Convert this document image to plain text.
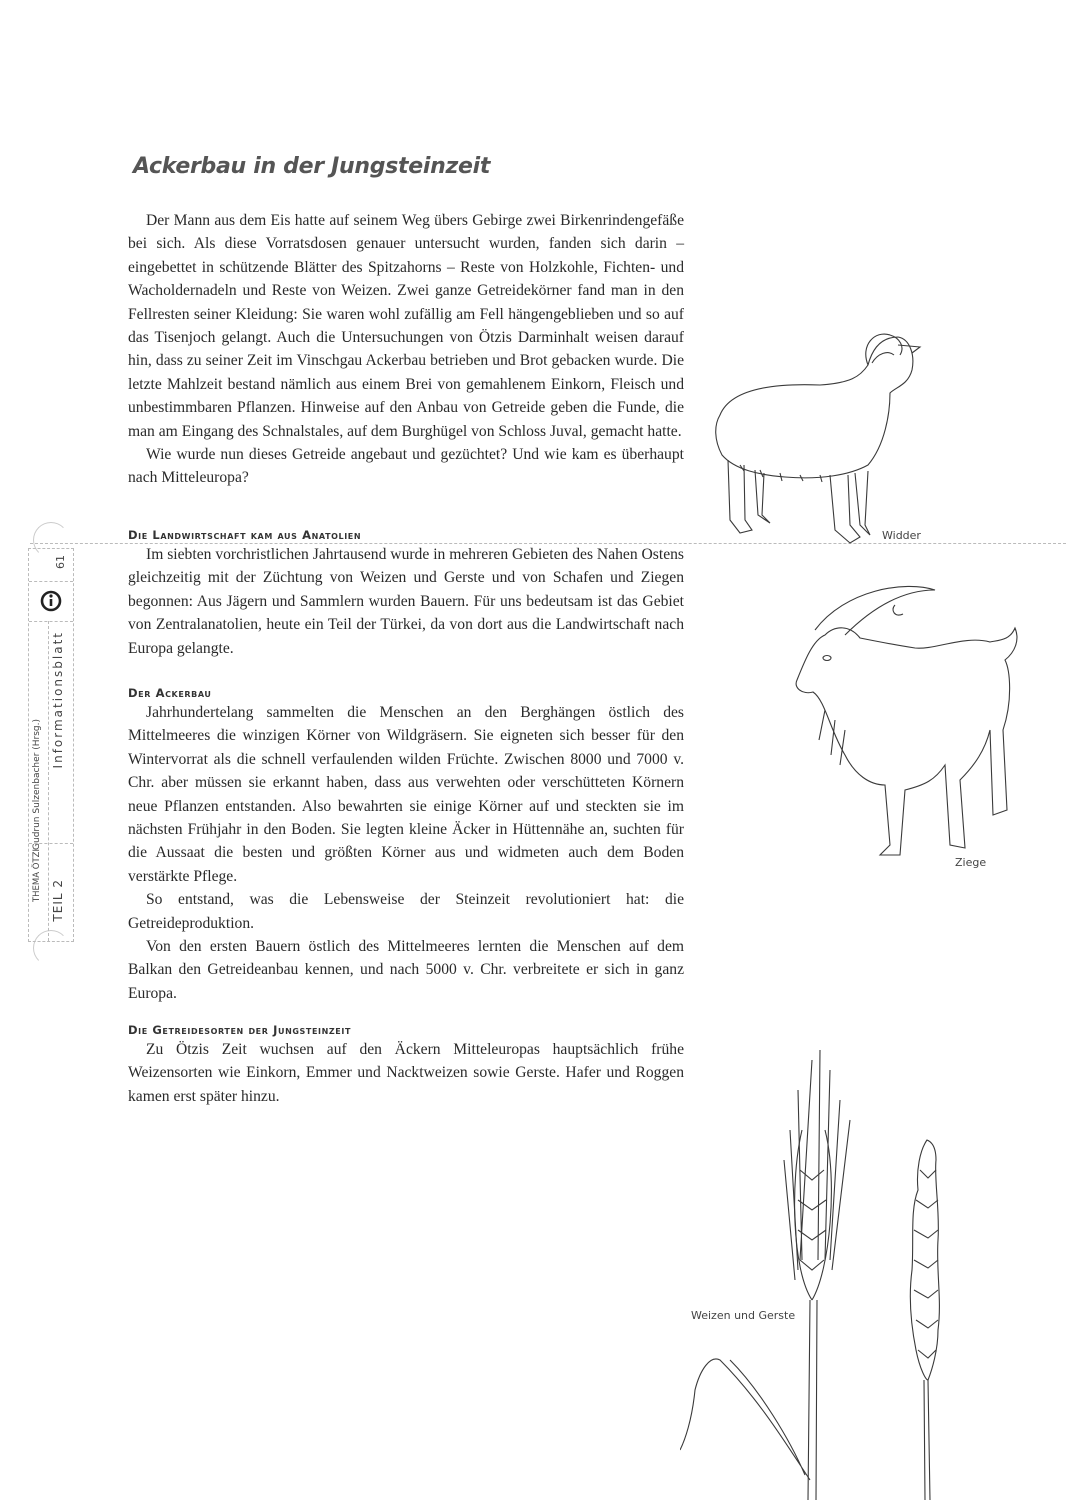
Ackerbau in der Jungsteinzeit

Der Mann aus dem Eis hatte auf seinem Weg übers Gebirge zwei Birkenrindengefäße bei sich. Als diese Vorratsdosen genauer untersucht wurden, fanden sich darin – eingebettet in schützende Blätter des Spitzahorns – Reste von Holzkohle, Fichten- und Wacholdernadeln und Reste von Weizen. Zwei ganze Getreidekörner fand man in den Fellresten seiner Kleidung: Sie waren wohl zufällig am Fell hängengeblieben und so auf das Tisenjoch gelangt. Auch die Untersuchungen von Ötzis Darminhalt weisen darauf hin, dass zu seiner Zeit im Vinschgau Ackerbau betrieben und Brot gebacken wurde. Die letzte Mahlzeit bestand nämlich aus einem Brei von gemahlenem Einkorn, Fleisch und unbestimmbaren Pflanzen. Hinweise auf den Anbau von Getreide geben die Funde, die man am Eingang des Schnalstales, auf dem Burghügel von Schloss Juval, gemacht hatte.

Wie wurde nun dieses Getreide angebaut und gezüchtet? Und wie kam es überhaupt nach Mitteleuropa?

Die Landwirtschaft kam aus Anatolien

Im siebten vorchristlichen Jahrtausend wurde in mehreren Gebieten des Nahen Ostens gleichzeitig mit der Züchtung von Weizen und Gerste und von Schafen und Ziegen begonnen: Aus Jägern und Sammlern wurden Bauern. Für uns bedeutsam ist das Gebiet von Zentralanatolien, heute ein Teil der Türkei, da von dort aus die Landwirtschaft nach Europa gelangte.

Der Ackerbau

Jahrhundertelang sammelten die Menschen an den Berghängen östlich des Mittelmeeres die winzigen Körner von Wildgräsern. Sie eigneten sich besser für den Wintervorrat als die schnell verfaulenden wilden Früchte. Zwischen 8000 und 7000 v. Chr. aber müssen sie erkannt haben, dass aus verwehten oder verschütteten Körnern neue Pflanzen entstanden. Also bewahrten sie einige Körner auf und steckten sie im nächsten Frühjahr in den Boden. Sie legten kleine Äcker in Hüttennähe an, suchten für die Aussaat die besten und größten Körner aus und widmeten auch dem Boden verstärkte Pflege.

So entstand, was die Lebensweise der Steinzeit revolutioniert hat: die Getreideproduktion.

Von den ersten Bauern östlich des Mittelmeeres lernten die Menschen auf dem Balkan den Getreideanbau kennen, und nach 5000 v. Chr. verbreitete er sich in ganz Europa.

Die Getreidesorten der Jungsteinzeit

Zu Ötzis Zeit wuchsen auf den Äckern Mitteleuropas hauptsächlich frühe Weizensorten wie Einkorn, Emmer und Nacktweizen sowie Gerste. Hafer und Roggen kamen erst später hinzu.

61
Gudrun Sulzenbacher (Hrsg.)
Informationsblatt
THEMA ÖTZI TEIL 2
Widder
Ziege
Weizen und Gerste
